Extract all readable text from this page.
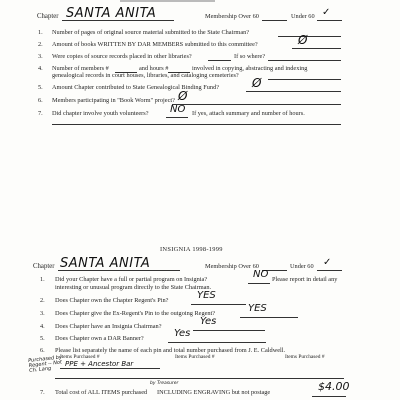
Chapter SANTA ANITA	Membership Over 60	Under 60 ✓
1. Number of pages of original source material submitted to the State Chairman?
2. Amount of books WRITTEN BY DAR MEMBERS submitted to this committee?	Ø
3. Were copies of source records placed in other libraries?	If so where?
4. Number of members #	and hours #	involved in copying, abstracting and indexing
genealogical records in court houses, libraries, and cataloging cemeteries?
5. Amount Chapter contributed to State Genealogical Binding Fund?	Ø
6. Members participating in "Book Worm" project? Ø
7. Did chapter involve youth volunteers? NO If yes, attach summary and number of hours.
INSIGNIA 1998-1999
Chapter SANTA ANITA	Membership Over 60	Under 60 ✓
1. Did your Chapter have a full or partial program on Insignia?	NO Please report in detail any
interesting or unusual program directly to the State Chairman.
2. Does Chapter own the Chapter Regent's Pin?	YES
3. Does Chapter give the Ex-Regent's Pin to the outgoing Regent?	YES
4. Does Chapter have an Insignia Chairman?	Yes
5. Does Chapter own a DAR Banner?	Yes
6. Please list separately the name of each pin and total number purchased from J. E. Caldwell.
Items Purchased #	Items Purchased #	Items Purchased #
Purchased by Regent -- Not Ch. Lang
PPE + Ancestor Bar
by Treasurer
7. Total cost of ALL ITEMS purchased INCLUDING ENGRAVING but not postage	$4.00
